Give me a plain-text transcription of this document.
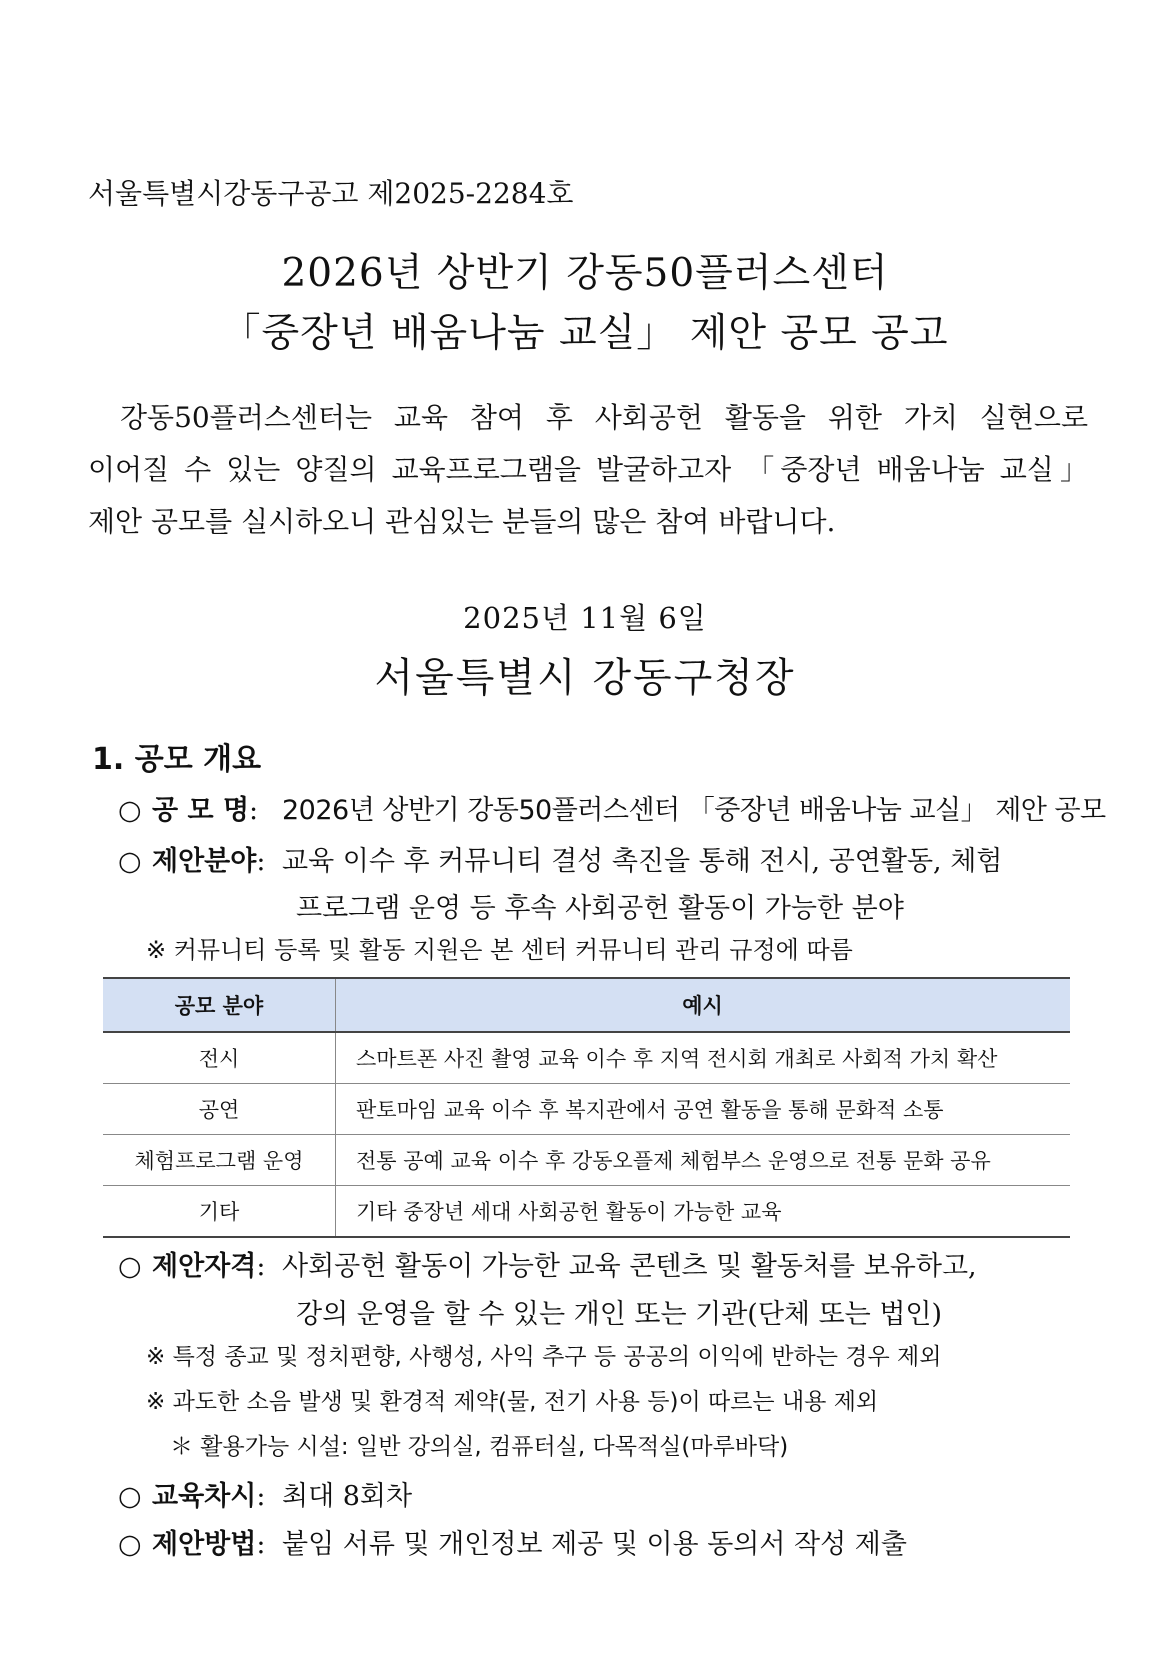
서울특별시강동구공고 제2025-2284호
2026년 상반기 강동50플러스센터
「중장년 배움나눔 교실」 제안 공모 공고
강동50플러스센터는 교육 참여 후 사회공헌 활동을 위한 가치 실현으로
이어질 수 있는 양질의 교육프로그램을 발굴하고자 「중장년 배움나눔 교실」
제안 공모를 실시하오니 관심있는 분들의 많은 참여 바랍니다.
2025년 11월 6일
서울특별시 강동구청장
1. 공모 개요
○ 공 모 명: 2026년 상반기 강동50플러스센터 「중장년 배움나눔 교실」 제안 공모
○ 제안분야: 교육 이수 후 커뮤니티 결성 촉진을 통해 전시, 공연활동, 체험
프로그램 운영 등 후속 사회공헌 활동이 가능한 분야
※ 커뮤니티 등록 및 활동 지원은 본 센터 커뮤니티 관리 규정에 따름
공모 분야	예시
전시	스마트폰 사진 촬영 교육 이수 후 지역 전시회 개최로 사회적 가치 확산
공연	판토마임 교육 이수 후 복지관에서 공연 활동을 통해 문화적 소통
체험프로그램 운영	전통 공예 교육 이수 후 강동오플제 체험부스 운영으로 전통 문화 공유
기타	기타 중장년 세대 사회공헌 활동이 가능한 교육
○ 제안자격: 사회공헌 활동이 가능한 교육 콘텐츠 및 활동처를 보유하고,
강의 운영을 할 수 있는 개인 또는 기관(단체 또는 법인)
※ 특정 종교 및 정치편향, 사행성, 사익 추구 등 공공의 이익에 반하는 경우 제외
※ 과도한 소음 발생 및 환경적 제약(물, 전기 사용 등)이 따르는 내용 제외
＊ 활용가능 시설: 일반 강의실, 컴퓨터실, 다목적실(마루바닥)
○ 교육차시: 최대 8회차
○ 제안방법: 붙임 서류 및 개인정보 제공 및 이용 동의서 작성 제출
